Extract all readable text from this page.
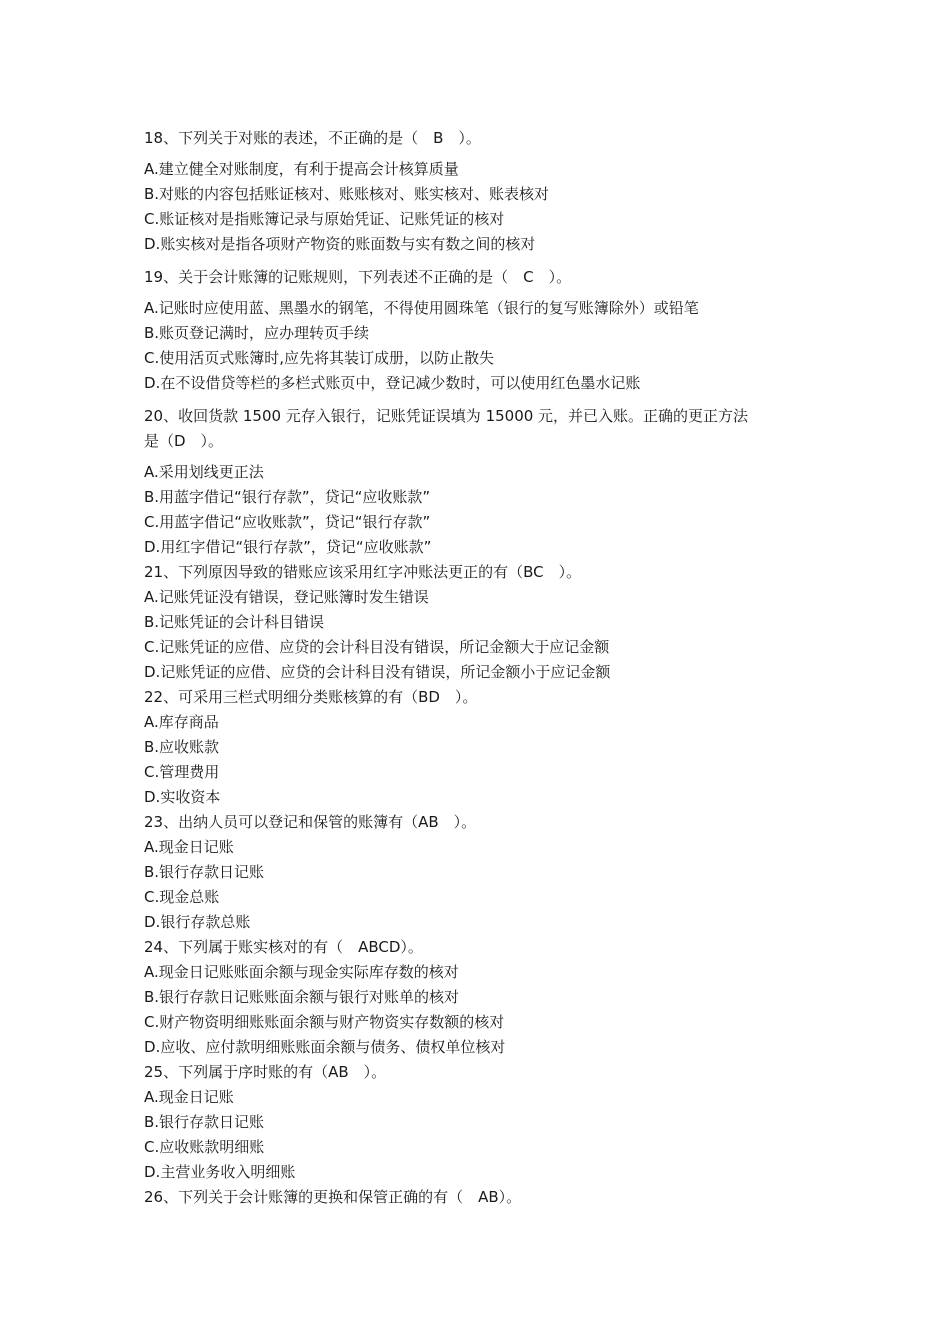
18、下列关于对账的表述，不正确的是（　B　）。

A.建立健全对账制度，有利于提高会计核算质量

B.对账的内容包括账证核对、账账核对、账实核对、账表核对

C.账证核对是指账簿记录与原始凭证、记账凭证的核对

D.账实核对是指各项财产物资的账面数与实有数之间的核对

19、关于会计账簿的记账规则，下列表述不正确的是（　C　）。

A.记账时应使用蓝、黑墨水的钢笔，不得使用圆珠笔（银行的复写账簿除外）或铅笔

B.账页登记满时，应办理转页手续

C.使用活页式账簿时,应先将其装订成册，以防止散失

D.在不设借贷等栏的多栏式账页中，登记减少数时，可以使用红色墨水记账

20、收回货款 1500 元存入银行，记账凭证误填为 15000 元，并已入账。正确的更正方法

是（D　）。

A.采用划线更正法

B.用蓝字借记“银行存款”，贷记“应收账款”

C.用蓝字借记“应收账款”，贷记“银行存款”

D.用红字借记“银行存款”，贷记“应收账款”

21、下列原因导致的错账应该采用红字冲账法更正的有（BC　）。

A.记账凭证没有错误，登记账簿时发生错误

B.记账凭证的会计科目错误

C.记账凭证的应借、应贷的会计科目没有错误，所记金额大于应记金额

D.记账凭证的应借、应贷的会计科目没有错误，所记金额小于应记金额

22、可采用三栏式明细分类账核算的有（BD　）。

A.库存商品

B.应收账款

C.管理费用

D.实收资本

23、出纳人员可以登记和保管的账簿有（AB　）。

A.现金日记账

B.银行存款日记账

C.现金总账

D.银行存款总账

24、下列属于账实核对的有（　ABCD）。

A.现金日记账账面余额与现金实际库存数的核对

B.银行存款日记账账面余额与银行对账单的核对

C.财产物资明细账账面余额与财产物资实存数额的核对

D.应收、应付款明细账账面余额与债务、债权单位核对

25、下列属于序时账的有（AB　）。

A.现金日记账

B.银行存款日记账

C.应收账款明细账

D.主营业务收入明细账

26、下列关于会计账簿的更换和保管正确的有（　AB）。
